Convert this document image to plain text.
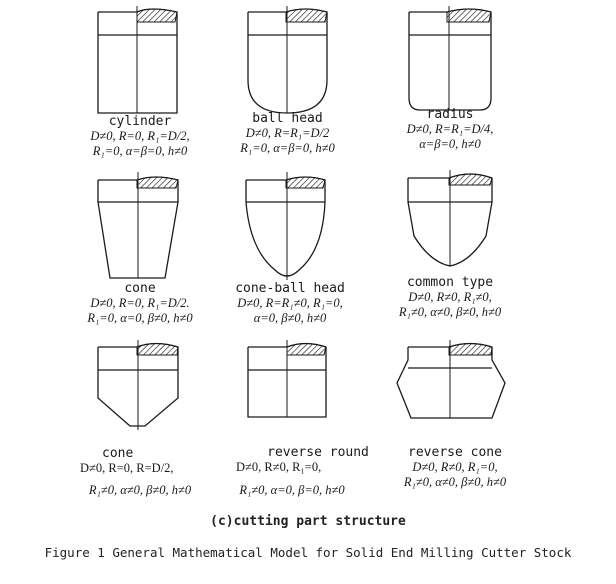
cylinder
D≠0, R=0, R₁=D/2,
R₁=0, α=β=0, h≠0
ball head
D≠0, R=R₁=D/2
R₁=0, α=β=0, h≠0
radius
D≠0, R=R₁=D/4,
α=β=0, h≠0
cone
D≠0, R=0, R₁=D/2.
R₁=0, α=0, β≠0, h≠0
cone-ball head
D≠0, R=R₁≠0, R₁=0,
α=0, β≠0, h≠0
common type
D≠0, R≠0, R₁≠0,
R₁≠0, α≠0, β≠0, h≠0
cone
D≠0, R=0, R=D/2,
R₁≠0, α≠0, β≠0, h≠0
reverse round
D≠0, R≠0, R₁=0,
R₁≠0, α=0, β=0, h≠0
reverse cone
D≠0, R≠0, R₁=0,
R₁≠0, α≠0, β≠0, h≠0
(c)cutting part structure
Figure 1 General Mathematical Model for Solid End Milling Cutter Stock
